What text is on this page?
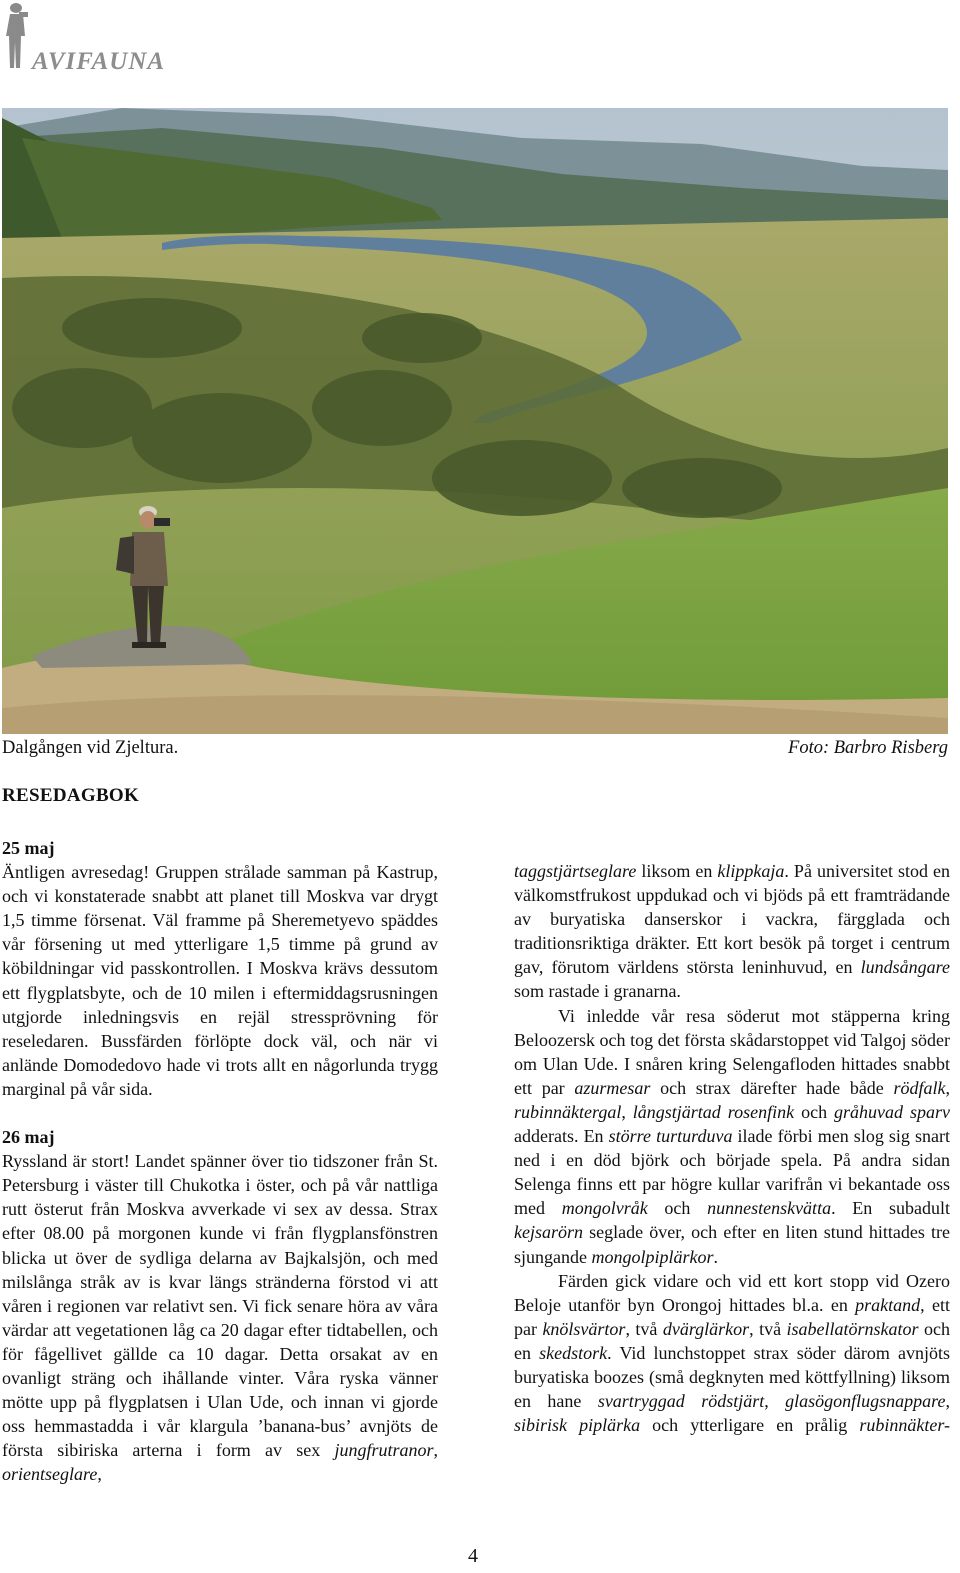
AVIFAUNA
Dalgången vid Zjeltura.	Foto: Barbro Risberg
RESEDAGBOK

25 maj

Äntligen avresedag! Gruppen strålade samman på Kastrup, och vi konstaterade snabbt att planet till Moskva var drygt 1,5 timme försenat. Väl framme på Sheremetyevo späddes vår försening ut med ytterligare 1,5 timme på grund av köbildningar vid passkontrollen. I Moskva krävs dessutom ett flygplatsbyte, och de 10 milen i eftermiddagsrusningen utgjorde inledningsvis en rejäl stressprövning för reseledaren. Bussfärden förlöpte dock väl, och när vi anlände Domodedovo hade vi trots allt en någorlunda trygg marginal på vår sida.

26 maj

Ryssland är stort! Landet spänner över tio tidszoner från St. Petersburg i väster till Chukotka i öster, och på vår nattliga rutt österut från Moskva avverkade vi sex av dessa. Strax efter 08.00 på morgonen kunde vi från flygplansfönstren blicka ut över de sydliga delarna av Bajkalsjön, och med milslånga stråk av is kvar längs stränderna förstod vi att våren i regionen var relativt sen. Vi fick senare höra av våra värdar att vegetationen låg ca 20 dagar efter tidtabellen, och för fågellivet gällde ca 10 dagar. Detta orsakat av en ovanligt sträng och ihållande vinter. Våra ryska vänner mötte upp på flygplatsen i Ulan Ude, och innan vi gjorde oss hemmastadda i vår klargula ’banana-bus’ avnjöts de första sibiriska arterna i form av sex jungfrutranor, orientseglare,

taggstjärtseglare liksom en klippkaja. På universitet stod en välkomstfrukost uppdukad och vi bjöds på ett framträdande av buryatiska danserskor i vackra, färgglada och traditionsriktiga dräkter. Ett kort besök på torget i centrum gav, förutom världens största leninhuvud, en lundsångare som rastade i granarna.

Vi inledde vår resa söderut mot stäpperna kring Beloozersk och tog det första skådarstoppet vid Talgoj söder om Ulan Ude. I snåren kring Selengafloden hittades snabbt ett par azurmesar och strax därefter hade både rödfalk, rubinnäktergal, långstjärtad rosenfink och gråhuvad sparv adderats. En större turturduva ilade förbi men slog sig snart ned i en död björk och började spela. På andra sidan Selenga finns ett par högre kullar varifrån vi bekantade oss med mongolvråk och nunnestenskvätta. En subadult kejsarörn seglade över, och efter en liten stund hittades tre sjungande mongolpiplärkor.

Färden gick vidare och vid ett kort stopp vid Ozero Beloje utanför byn Orongoj hittades bl.a. en praktand, ett par knölsvärtor, två dvärglärkor, två isabellatörnskator och en skedstork. Vid lunchstoppet strax söder därom avnjöts buryatiska boozes (små degknyten med köttfyllning) liksom en hane svartryggad rödstjärt, glasögonflugsnappare, sibirisk piplärka och ytterligare en prålig rubinnäkter-

4
